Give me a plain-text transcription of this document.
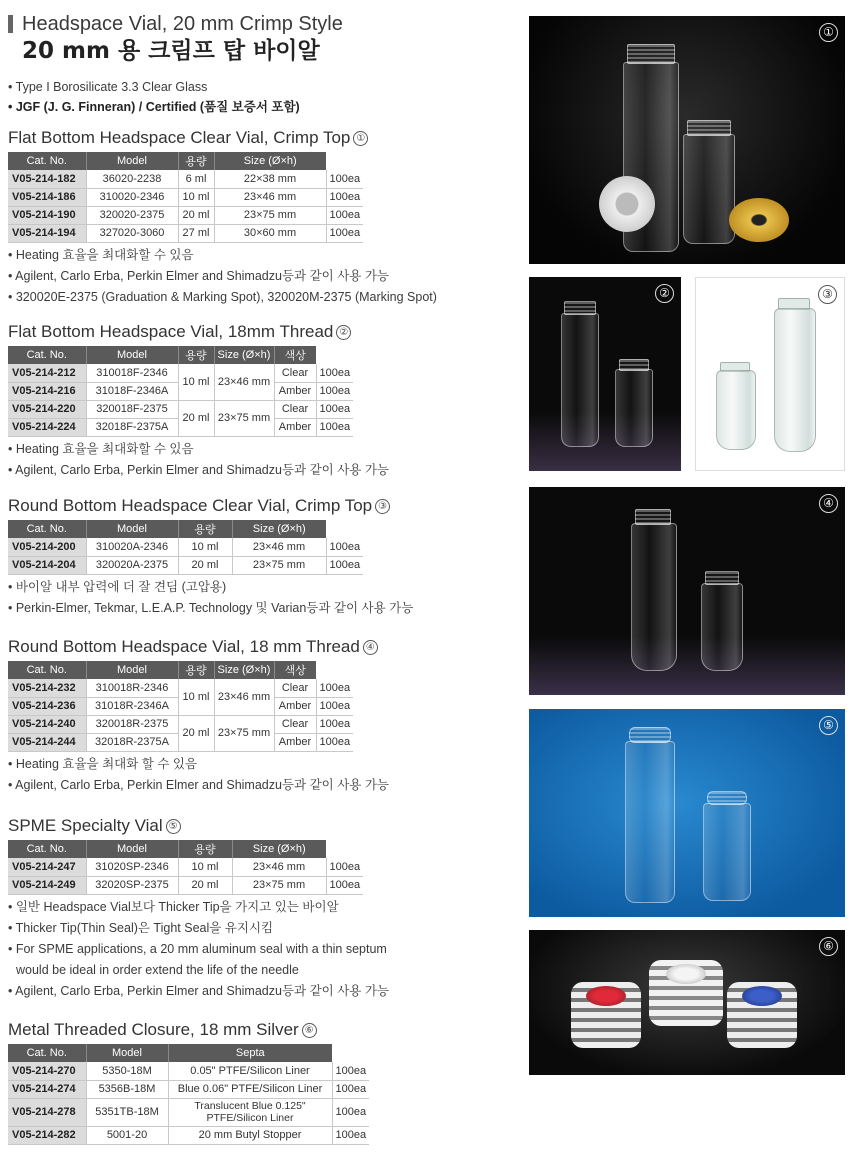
Headspace Vial, 20 mm Crimp Style
20 mm 용 크림프 탑 바이알
• Type I Borosilicate 3.3 Clear Glass
• JGF (J. G. Finneran) / Certified (품질 보증서 포함)
Flat Bottom Headspace Clear Vial, Crimp Top ①
Cat. No.	Model	용량	Size (Ø×h)	
V05-214-182	36020-2238	6 ml	22×38 mm	100ea
V05-214-186	310020-2346	10 ml	23×46 mm	100ea
V05-214-190	320020-2375	20 ml	23×75 mm	100ea
V05-214-194	327020-3060	27 ml	30×60 mm	100ea
• Heating 효율을 최대화할 수 있음
• Agilent, Carlo Erba, Perkin Elmer and Shimadzu등과 같이 사용 가능
• 320020E-2375 (Graduation & Marking Spot), 320020M-2375 (Marking Spot)
Flat Bottom Headspace Vial, 18mm Thread ②
Cat. No.	Model	용량	Size (Ø×h)	색상	
V05-214-212	310018F-2346	10 ml	23×46 mm	Clear	100ea
V05-214-216	31018F-2346A			Amber	100ea
V05-214-220	320018F-2375	20 ml	23×75 mm	Clear	100ea
V05-214-224	32018F-2375A			Amber	100ea
• Heating 효율을 최대화할 수 있음
• Agilent, Carlo Erba, Perkin Elmer and Shimadzu등과 같이 사용 가능
Round Bottom Headspace Clear Vial, Crimp Top ③
Cat. No.	Model	용량	Size (Ø×h)	
V05-214-200	310020A-2346	10 ml	23×46 mm	100ea
V05-214-204	320020A-2375	20 ml	23×75 mm	100ea
• 바이알 내부 압력에 더 잘 견딤 (고압용)
• Perkin-Elmer, Tekmar, L.E.A.P. Technology 및 Varian등과 같이 사용 가능
Round Bottom Headspace Vial, 18 mm Thread ④
Cat. No.	Model	용량	Size (Ø×h)	색상	
V05-214-232	310018R-2346	10 ml	23×46 mm	Clear	100ea
V05-214-236	31018R-2346A			Amber	100ea
V05-214-240	320018R-2375	20 ml	23×75 mm	Clear	100ea
V05-214-244	32018R-2375A			Amber	100ea
• Heating 효율을 최대화 할 수 있음
• Agilent, Carlo Erba, Perkin Elmer and Shimadzu등과 같이 사용 가능
SPME Specialty Vial ⑤
Cat. No.	Model	용량	Size (Ø×h)	
V05-214-247	31020SP-2346	10 ml	23×46 mm	100ea
V05-214-249	32020SP-2375	20 ml	23×75 mm	100ea
• 일반 Headspace Vial보다 Thicker Tip을 가지고 있는 바이알
• Thicker Tip(Thin Seal)은 Tight Seal을 유지시킴
• For SPME applications, a 20 mm aluminum seal with a thin septum
would be ideal in order extend the life of the needle
• Agilent, Carlo Erba, Perkin Elmer and Shimadzu등과 같이 사용 가능
Metal Threaded Closure, 18 mm Silver ⑥
Cat. No.	Model	Septa	
V05-214-270	5350-18M	0.05" PTFE/Silicon Liner	100ea
V05-214-274	5356B-18M	Blue 0.06" PTFE/Silicon Liner	100ea
V05-214-278	5351TB-18M	Translucent Blue 0.125"
PTFE/Silicon Liner	100ea
V05-214-282	5001-20	20 mm Butyl Stopper	100ea
①
②	③
④
⑤
⑥
